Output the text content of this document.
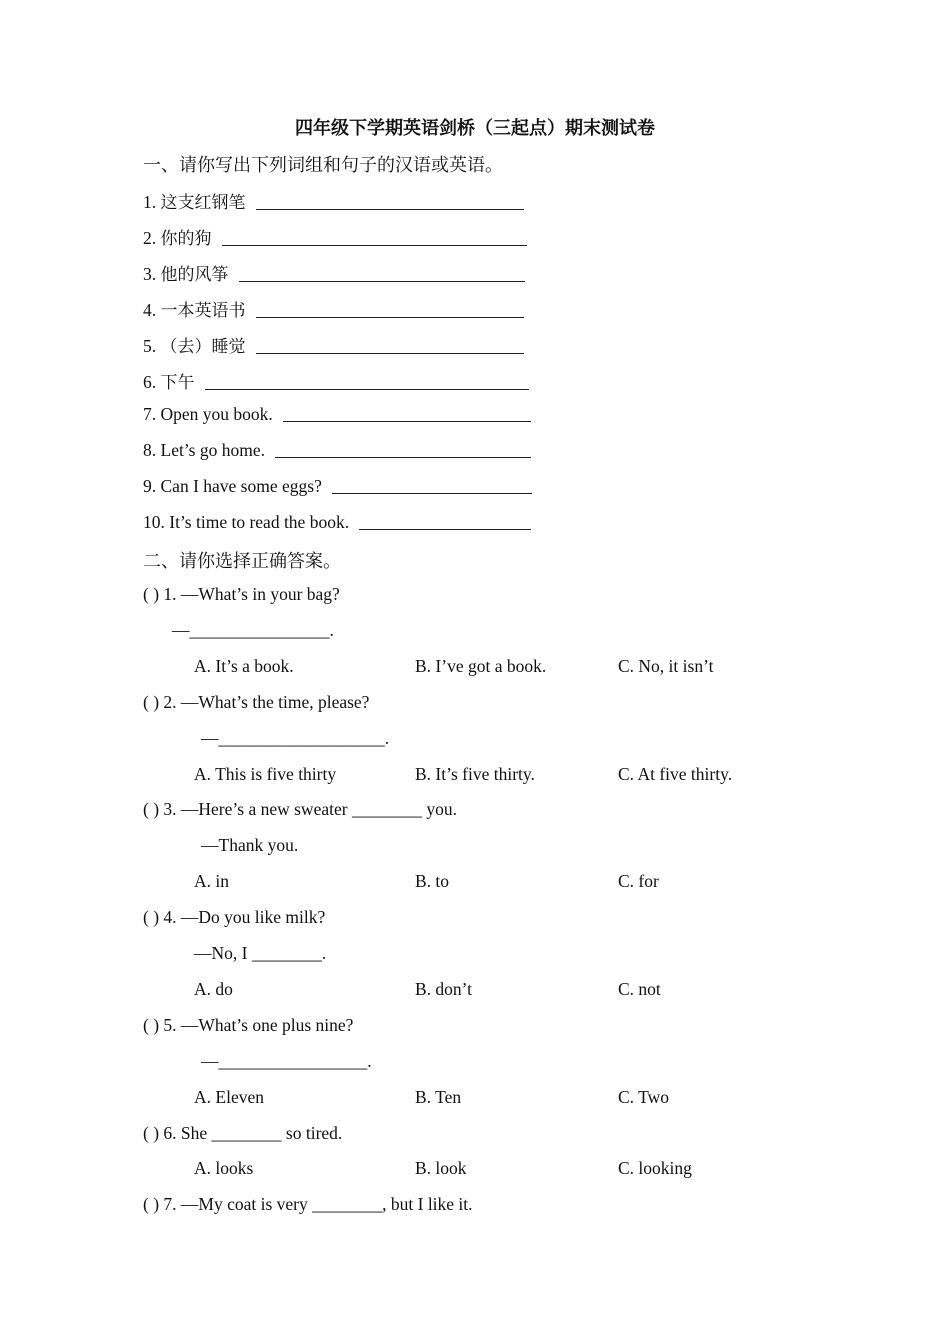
四年级下学期英语剑桥（三起点）期末测试卷
一、请你写出下列词组和句子的汉语或英语。
1. 这支红钢笔
2. 你的狗
3. 他的风筝
4. 一本英语书
5. （去）睡觉
6. 下午
7. Open you book.
8. Let’s go home.
9. Can I have some eggs?
10. It’s time to read the book.
二、请你选择正确答案。
( ) 1. —What’s in your bag?
—________________.
A. It’s a book.	B. I’ve got a book.	C. No, it isn’t
( ) 2. —What’s the time, please?
—___________________.
A. This is five thirty	B. It’s five thirty.	C. At five thirty.
( ) 3. —Here’s a new sweater ________ you.
—Thank you.
A. in	B. to	C. for
( ) 4. —Do you like milk?
—No, I ________.
A. do	B. don’t	C. not
( ) 5. —What’s one plus nine?
—_________________.
A. Eleven	B. Ten	C. Two
( ) 6. She ________ so tired.
A. looks	B. look	C. looking
( ) 7. —My coat is very ________, but I like it.
